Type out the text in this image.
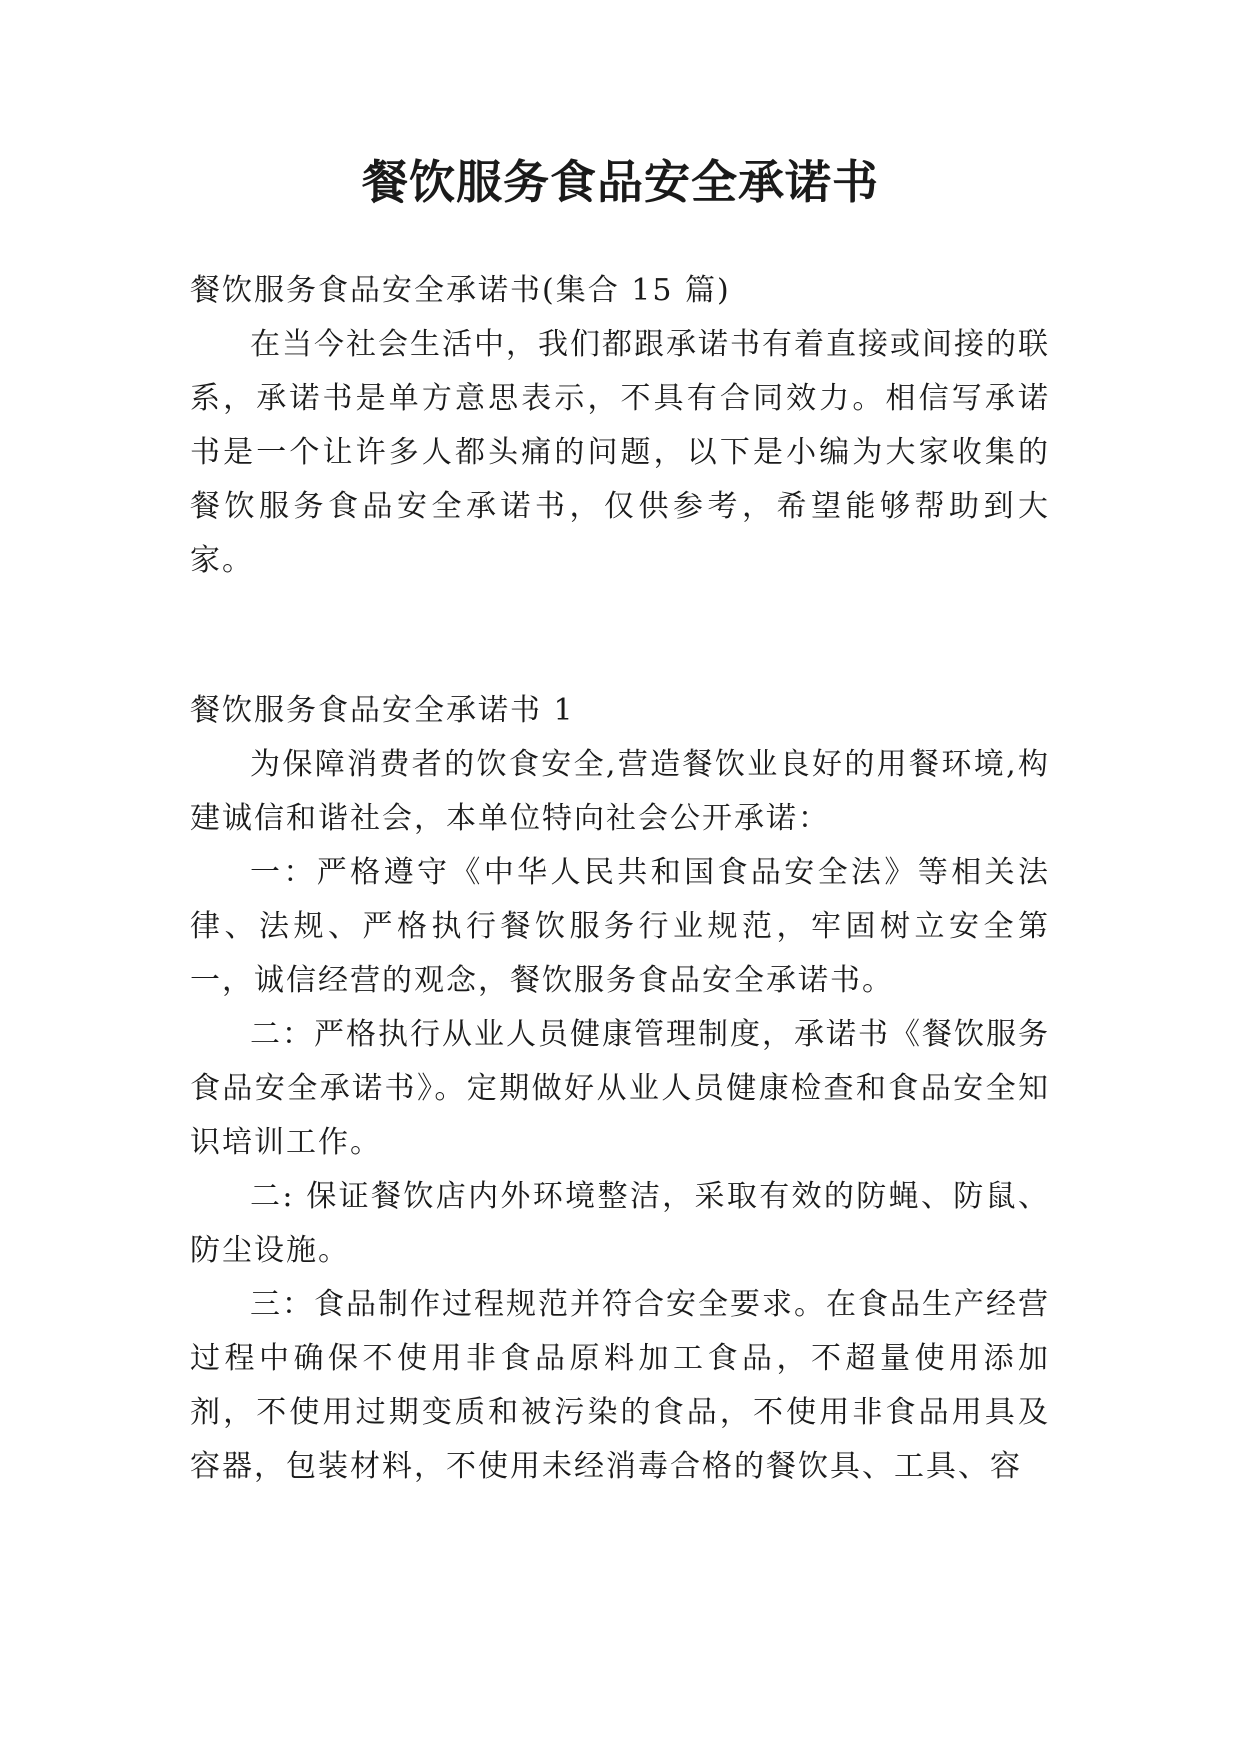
餐饮服务食品安全承诺书

餐饮服务食品安全承诺书(集合 15 篇)

在当今社会生活中，我们都跟承诺书有着直接或间接的联系，承诺书是单方意思表示，不具有合同效力。相信写承诺书是一个让许多人都头痛的问题，以下是小编为大家收集的餐饮服务食品安全承诺书，仅供参考，希望能够帮助到大家。

餐饮服务食品安全承诺书 1

为保障消费者的饮食安全,营造餐饮业良好的用餐环境,构建诚信和谐社会，本单位特向社会公开承诺：

一：严格遵守《中华人民共和国食品安全法》等相关法律、法规、严格执行餐饮服务行业规范，牢固树立安全第一，诚信经营的观念，餐饮服务食品安全承诺书。

二：严格执行从业人员健康管理制度，承诺书《餐饮服务食品安全承诺书》。定期做好从业人员健康检查和食品安全知识培训工作。

二: 保证餐饮店内外环境整洁，采取有效的防蝇、防鼠、防尘设施。

三：食品制作过程规范并符合安全要求。在食品生产经营过程中确保不使用非食品原料加工食品，不超量使用添加剂，不使用过期变质和被污染的食品，不使用非食品用具及容器，包装材料，不使用未经消毒合格的餐饮具、工具、容
